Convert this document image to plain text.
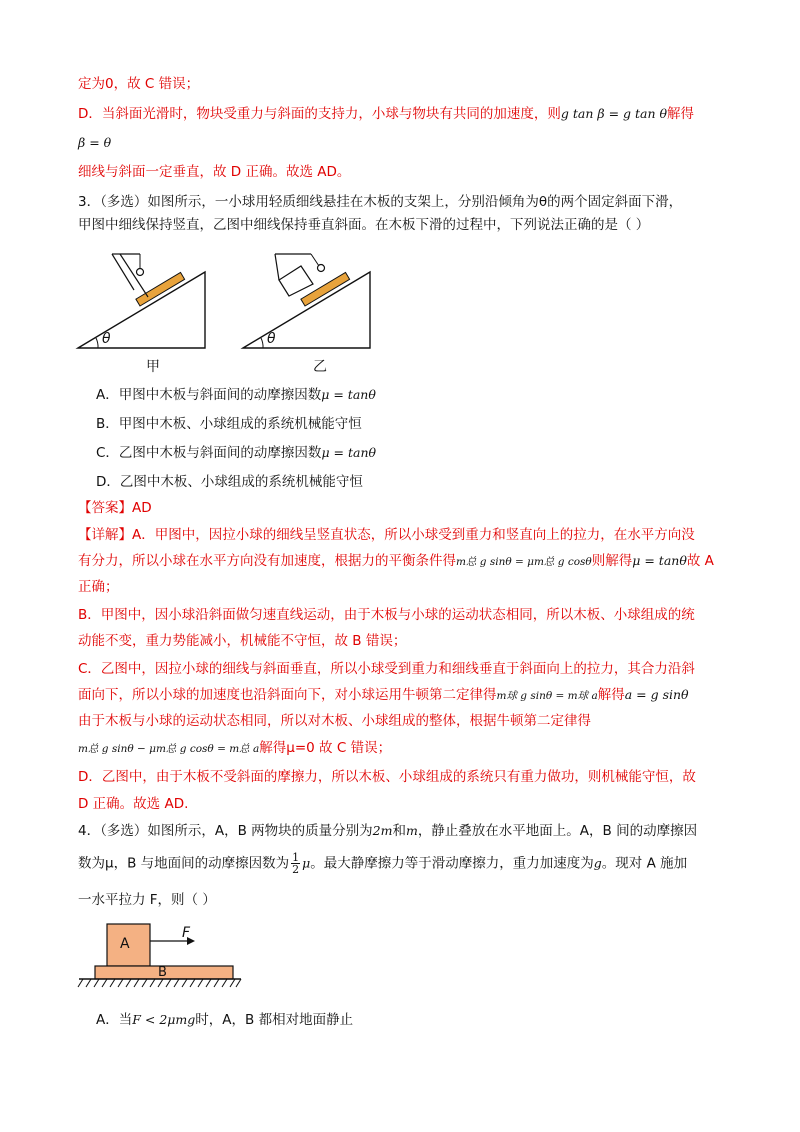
定为0，故 C 错误；
D．当斜面光滑时，物块受重力与斜面的支持力，小球与物块有共同的加速度，则g tan β = g tan θ解得
β = θ
细线与斜面一定垂直，故 D 正确。故选 AD。
3．（多选）如图所示，一小球用轻质细线悬挂在木板的支架上，分别沿倾角为θ的两个固定斜面下滑，
甲图中细线保持竖直，乙图中细线保持垂直斜面。在木板下滑的过程中，下列说法正确的是（ ）
θ
甲
θ
乙
A．甲图中木板与斜面间的动摩擦因数μ = tanθ
B．甲图中木板、小球组成的系统机械能守恒
C．乙图中木板与斜面间的动摩擦因数μ = tanθ
D．乙图中木板、小球组成的系统机械能守恒
【答案】AD
【详解】A．甲图中，因拉小球的细线呈竖直状态，所以小球受到重力和竖直向上的拉力，在水平方向没
有分力，所以小球在水平方向没有加速度，根据力的平衡条件得m总 g sinθ = μm总 g cosθ则解得μ = tanθ故 A
正确；
B．甲图中，因小球沿斜面做匀速直线运动，由于木板与小球的运动状态相同，所以木板、小球组成的统
动能不变，重力势能减小，机械能不守恒，故 B 错误；
C．乙图中，因拉小球的细线与斜面垂直，所以小球受到重力和细线垂直于斜面向上的拉力，其合力沿斜
面向下，所以小球的加速度也沿斜面向下，对小球运用牛顿第二定律得m球 g sinθ = m球 a解得a = g sinθ
由于木板与小球的运动状态相同，所以对木板、小球组成的整体，根据牛顿第二定律得
m总 g sinθ − μm总 g cosθ = m总 a解得μ=0 故 C 错误；
D．乙图中，由于木板不受斜面的摩擦力，所以木板、小球组成的系统只有重力做功，则机械能守恒，故
D 正确。故选 AD.
4．（多选）如图所示，A，B 两物块的质量分别为2m和m，静止叠放在水平地面上。A，B 间的动摩擦因
数为μ，B 与地面间的动摩擦因数为 $\frac{1}{2}$ μ。最大静摩擦力等于滑动摩擦力，重力加速度为g。现对 A 施加
一水平拉力 F，则（ ）
A
B
F
A．当F < 2μmg时，A，B 都相对地面静止
